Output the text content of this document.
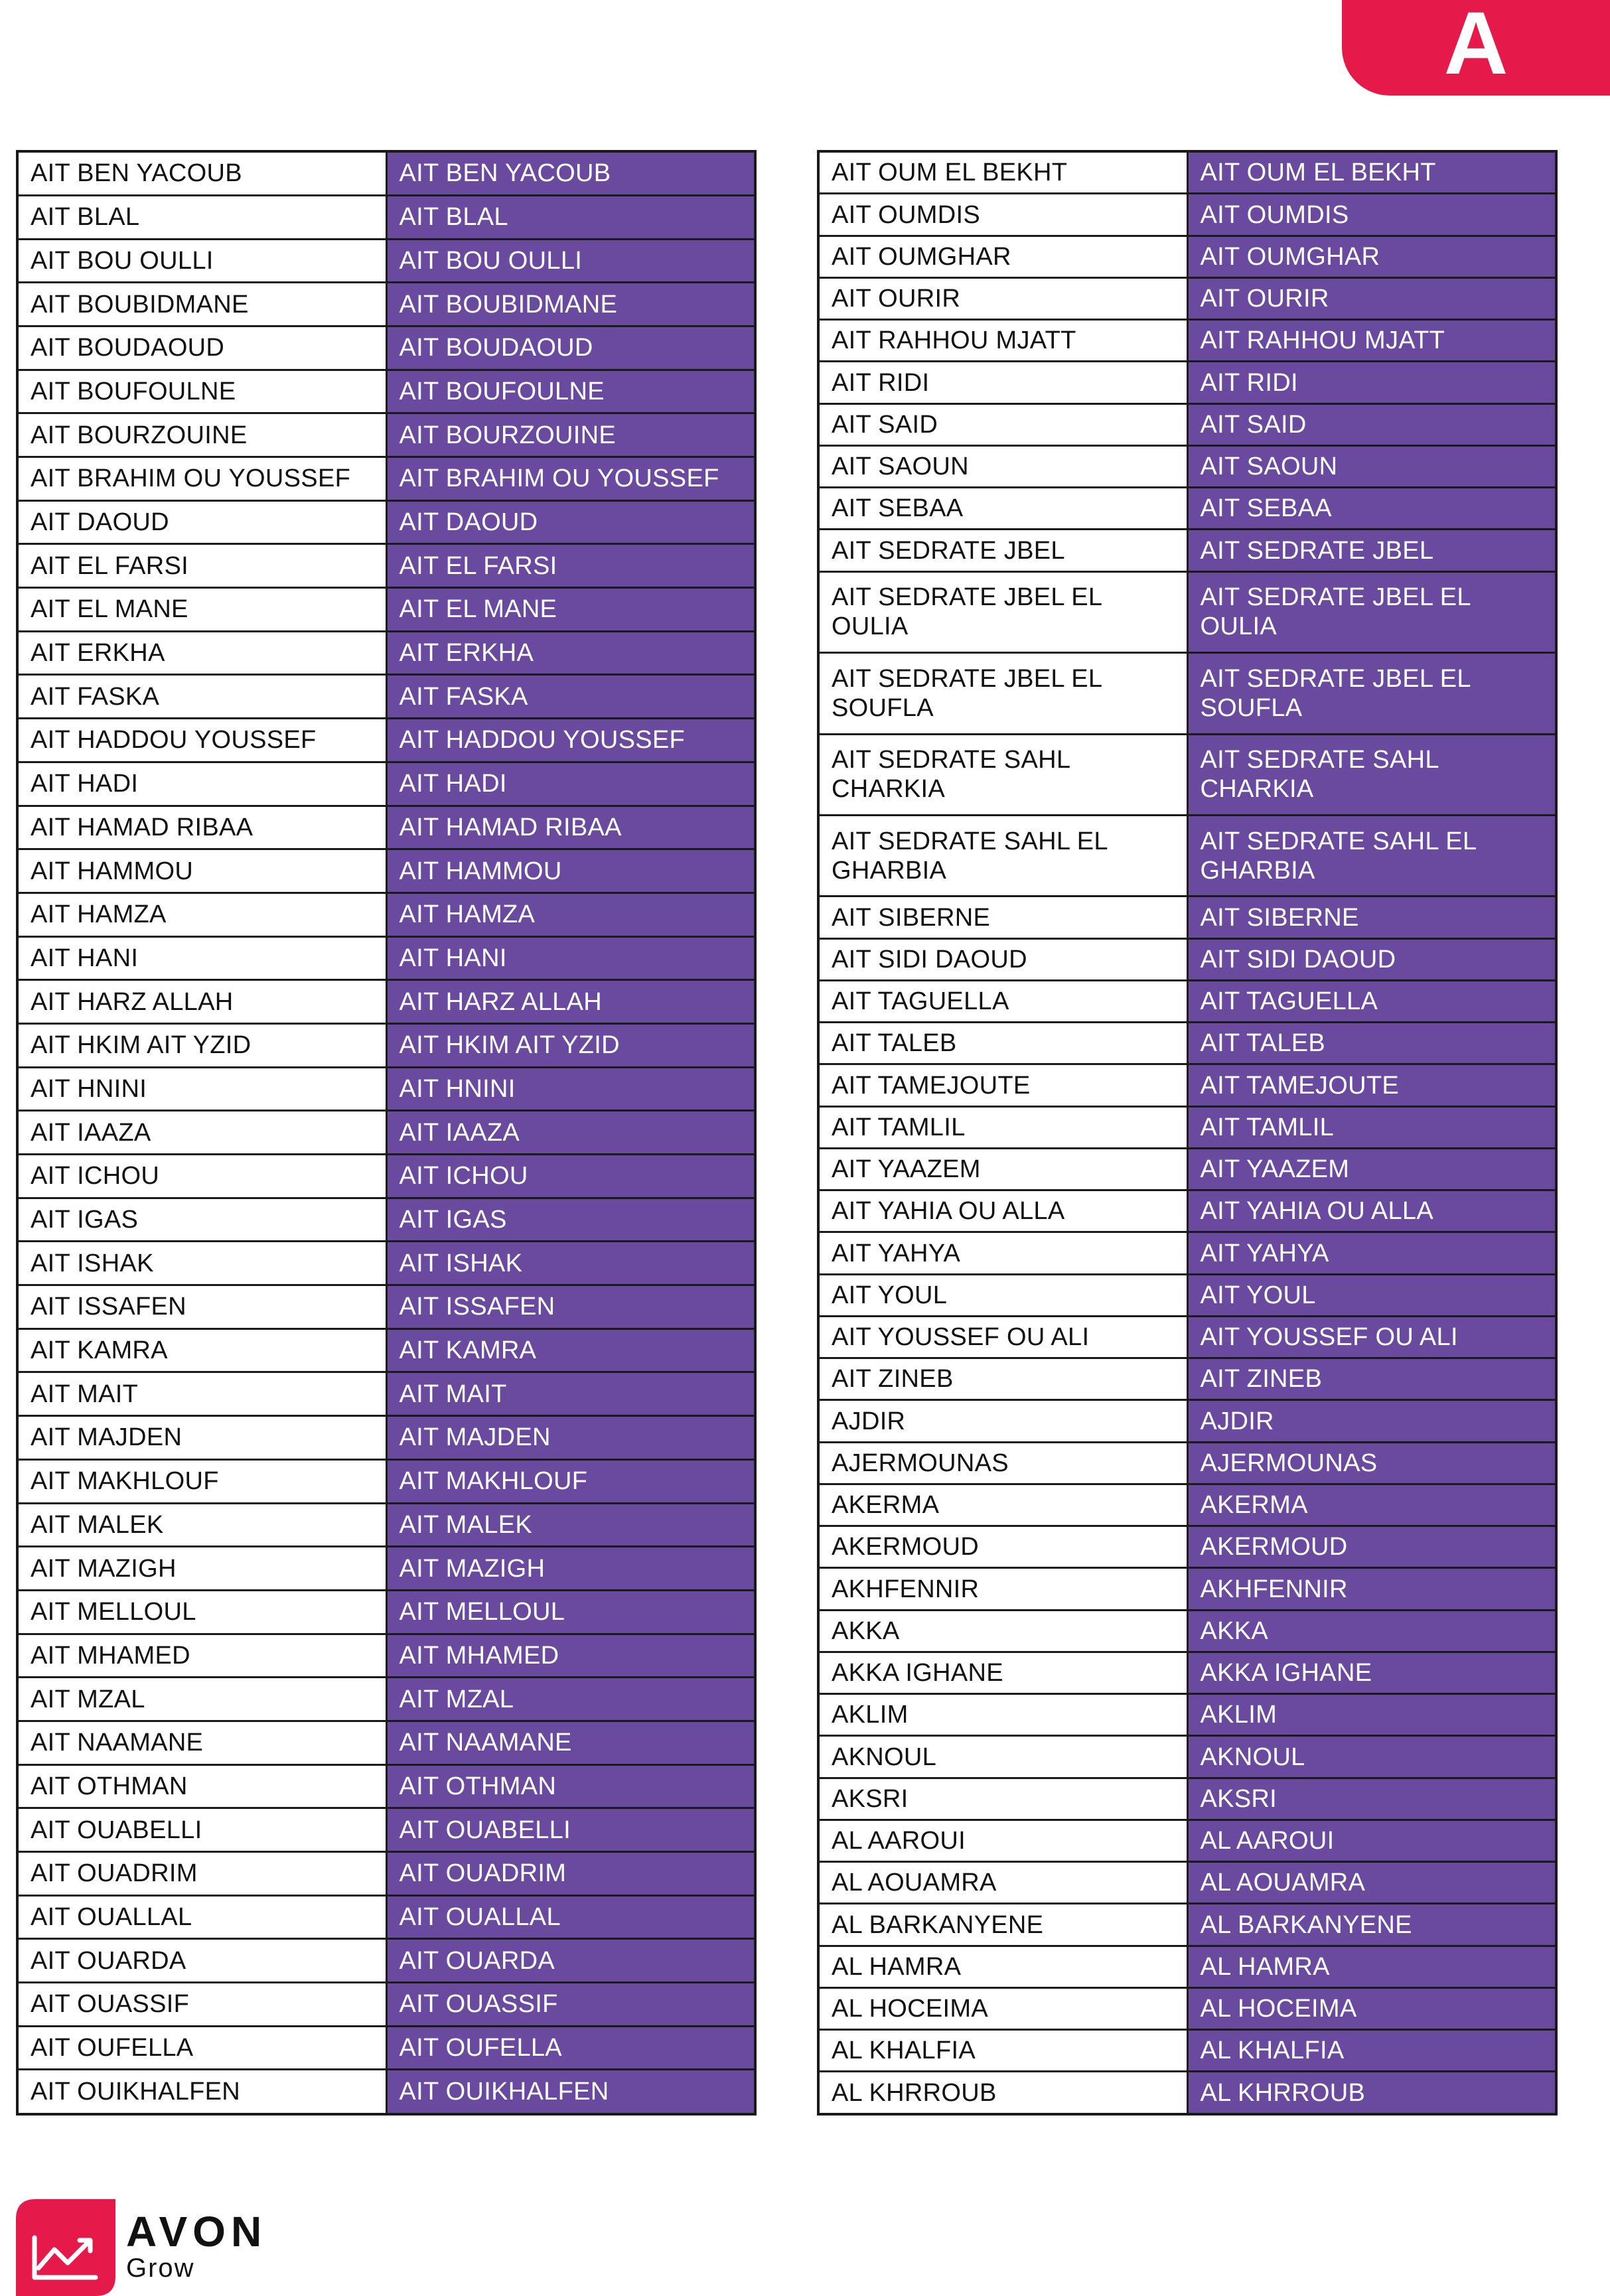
A
AIT BEN YACOUB	AIT BEN YACOUB
AIT BLAL	AIT BLAL
AIT BOU OULLI	AIT BOU OULLI
AIT BOUBIDMANE	AIT BOUBIDMANE
AIT BOUDAOUD	AIT BOUDAOUD
AIT BOUFOULNE	AIT BOUFOULNE
AIT BOURZOUINE	AIT BOURZOUINE
AIT BRAHIM OU YOUSSEF	AIT BRAHIM OU YOUSSEF
AIT DAOUD	AIT DAOUD
AIT EL FARSI	AIT EL FARSI
AIT EL MANE	AIT EL MANE
AIT ERKHA	AIT ERKHA
AIT FASKA	AIT FASKA
AIT HADDOU YOUSSEF	AIT HADDOU YOUSSEF
AIT HADI	AIT HADI
AIT HAMAD RIBAA	AIT HAMAD RIBAA
AIT HAMMOU	AIT HAMMOU
AIT HAMZA	AIT HAMZA
AIT HANI	AIT HANI
AIT HARZ ALLAH	AIT HARZ ALLAH
AIT HKIM AIT YZID	AIT HKIM AIT YZID
AIT HNINI	AIT HNINI
AIT IAAZA	AIT IAAZA
AIT ICHOU	AIT ICHOU
AIT IGAS	AIT IGAS
AIT ISHAK	AIT ISHAK
AIT ISSAFEN	AIT ISSAFEN
AIT KAMRA	AIT KAMRA
AIT MAIT	AIT MAIT
AIT MAJDEN	AIT MAJDEN
AIT MAKHLOUF	AIT MAKHLOUF
AIT MALEK	AIT MALEK
AIT MAZIGH	AIT MAZIGH
AIT MELLOUL	AIT MELLOUL
AIT MHAMED	AIT MHAMED
AIT MZAL	AIT MZAL
AIT NAAMANE	AIT NAAMANE
AIT OTHMAN	AIT OTHMAN
AIT OUABELLI	AIT OUABELLI
AIT OUADRIM	AIT OUADRIM
AIT OUALLAL	AIT OUALLAL
AIT OUARDA	AIT OUARDA
AIT OUASSIF	AIT OUASSIF
AIT OUFELLA	AIT OUFELLA
AIT OUIKHALFEN	AIT OUIKHALFEN
AIT OUM EL BEKHT	AIT OUM EL BEKHT
AIT OUMDIS	AIT OUMDIS
AIT OUMGHAR	AIT OUMGHAR
AIT OURIR	AIT OURIR
AIT RAHHOU MJATT	AIT RAHHOU MJATT
AIT RIDI	AIT RIDI
AIT SAID	AIT SAID
AIT SAOUN	AIT SAOUN
AIT SEBAA	AIT SEBAA
AIT SEDRATE JBEL	AIT SEDRATE JBEL
AIT SEDRATE JBEL EL OULIA	AIT SEDRATE JBEL EL OULIA
AIT SEDRATE JBEL EL SOUFLA	AIT SEDRATE JBEL EL SOUFLA
AIT SEDRATE SAHL CHARKIA	AIT SEDRATE SAHL CHARKIA
AIT SEDRATE SAHL EL GHARBIA	AIT SEDRATE SAHL EL GHARBIA
AIT SIBERNE	AIT SIBERNE
AIT SIDI DAOUD	AIT SIDI DAOUD
AIT TAGUELLA	AIT TAGUELLA
AIT TALEB	AIT TALEB
AIT TAMEJOUTE	AIT TAMEJOUTE
AIT TAMLIL	AIT TAMLIL
AIT YAAZEM	AIT YAAZEM
AIT YAHIA OU ALLA	AIT YAHIA OU ALLA
AIT YAHYA	AIT YAHYA
AIT YOUL	AIT YOUL
AIT YOUSSEF OU ALI	AIT YOUSSEF OU ALI
AIT ZINEB	AIT ZINEB
AJDIR	AJDIR
AJERMOUNAS	AJERMOUNAS
AKERMA	AKERMA
AKERMOUD	AKERMOUD
AKHFENNIR	AKHFENNIR
AKKA	AKKA
AKKA IGHANE	AKKA IGHANE
AKLIM	AKLIM
AKNOUL	AKNOUL
AKSRI	AKSRI
AL AAROUI	AL AAROUI
AL AOUAMRA	AL AOUAMRA
AL BARKANYENE	AL BARKANYENE
AL HAMRA	AL HAMRA
AL HOCEIMA	AL HOCEIMA
AL KHALFIA	AL KHALFIA
AL KHRROUB	AL KHRROUB
AVON
Grow
